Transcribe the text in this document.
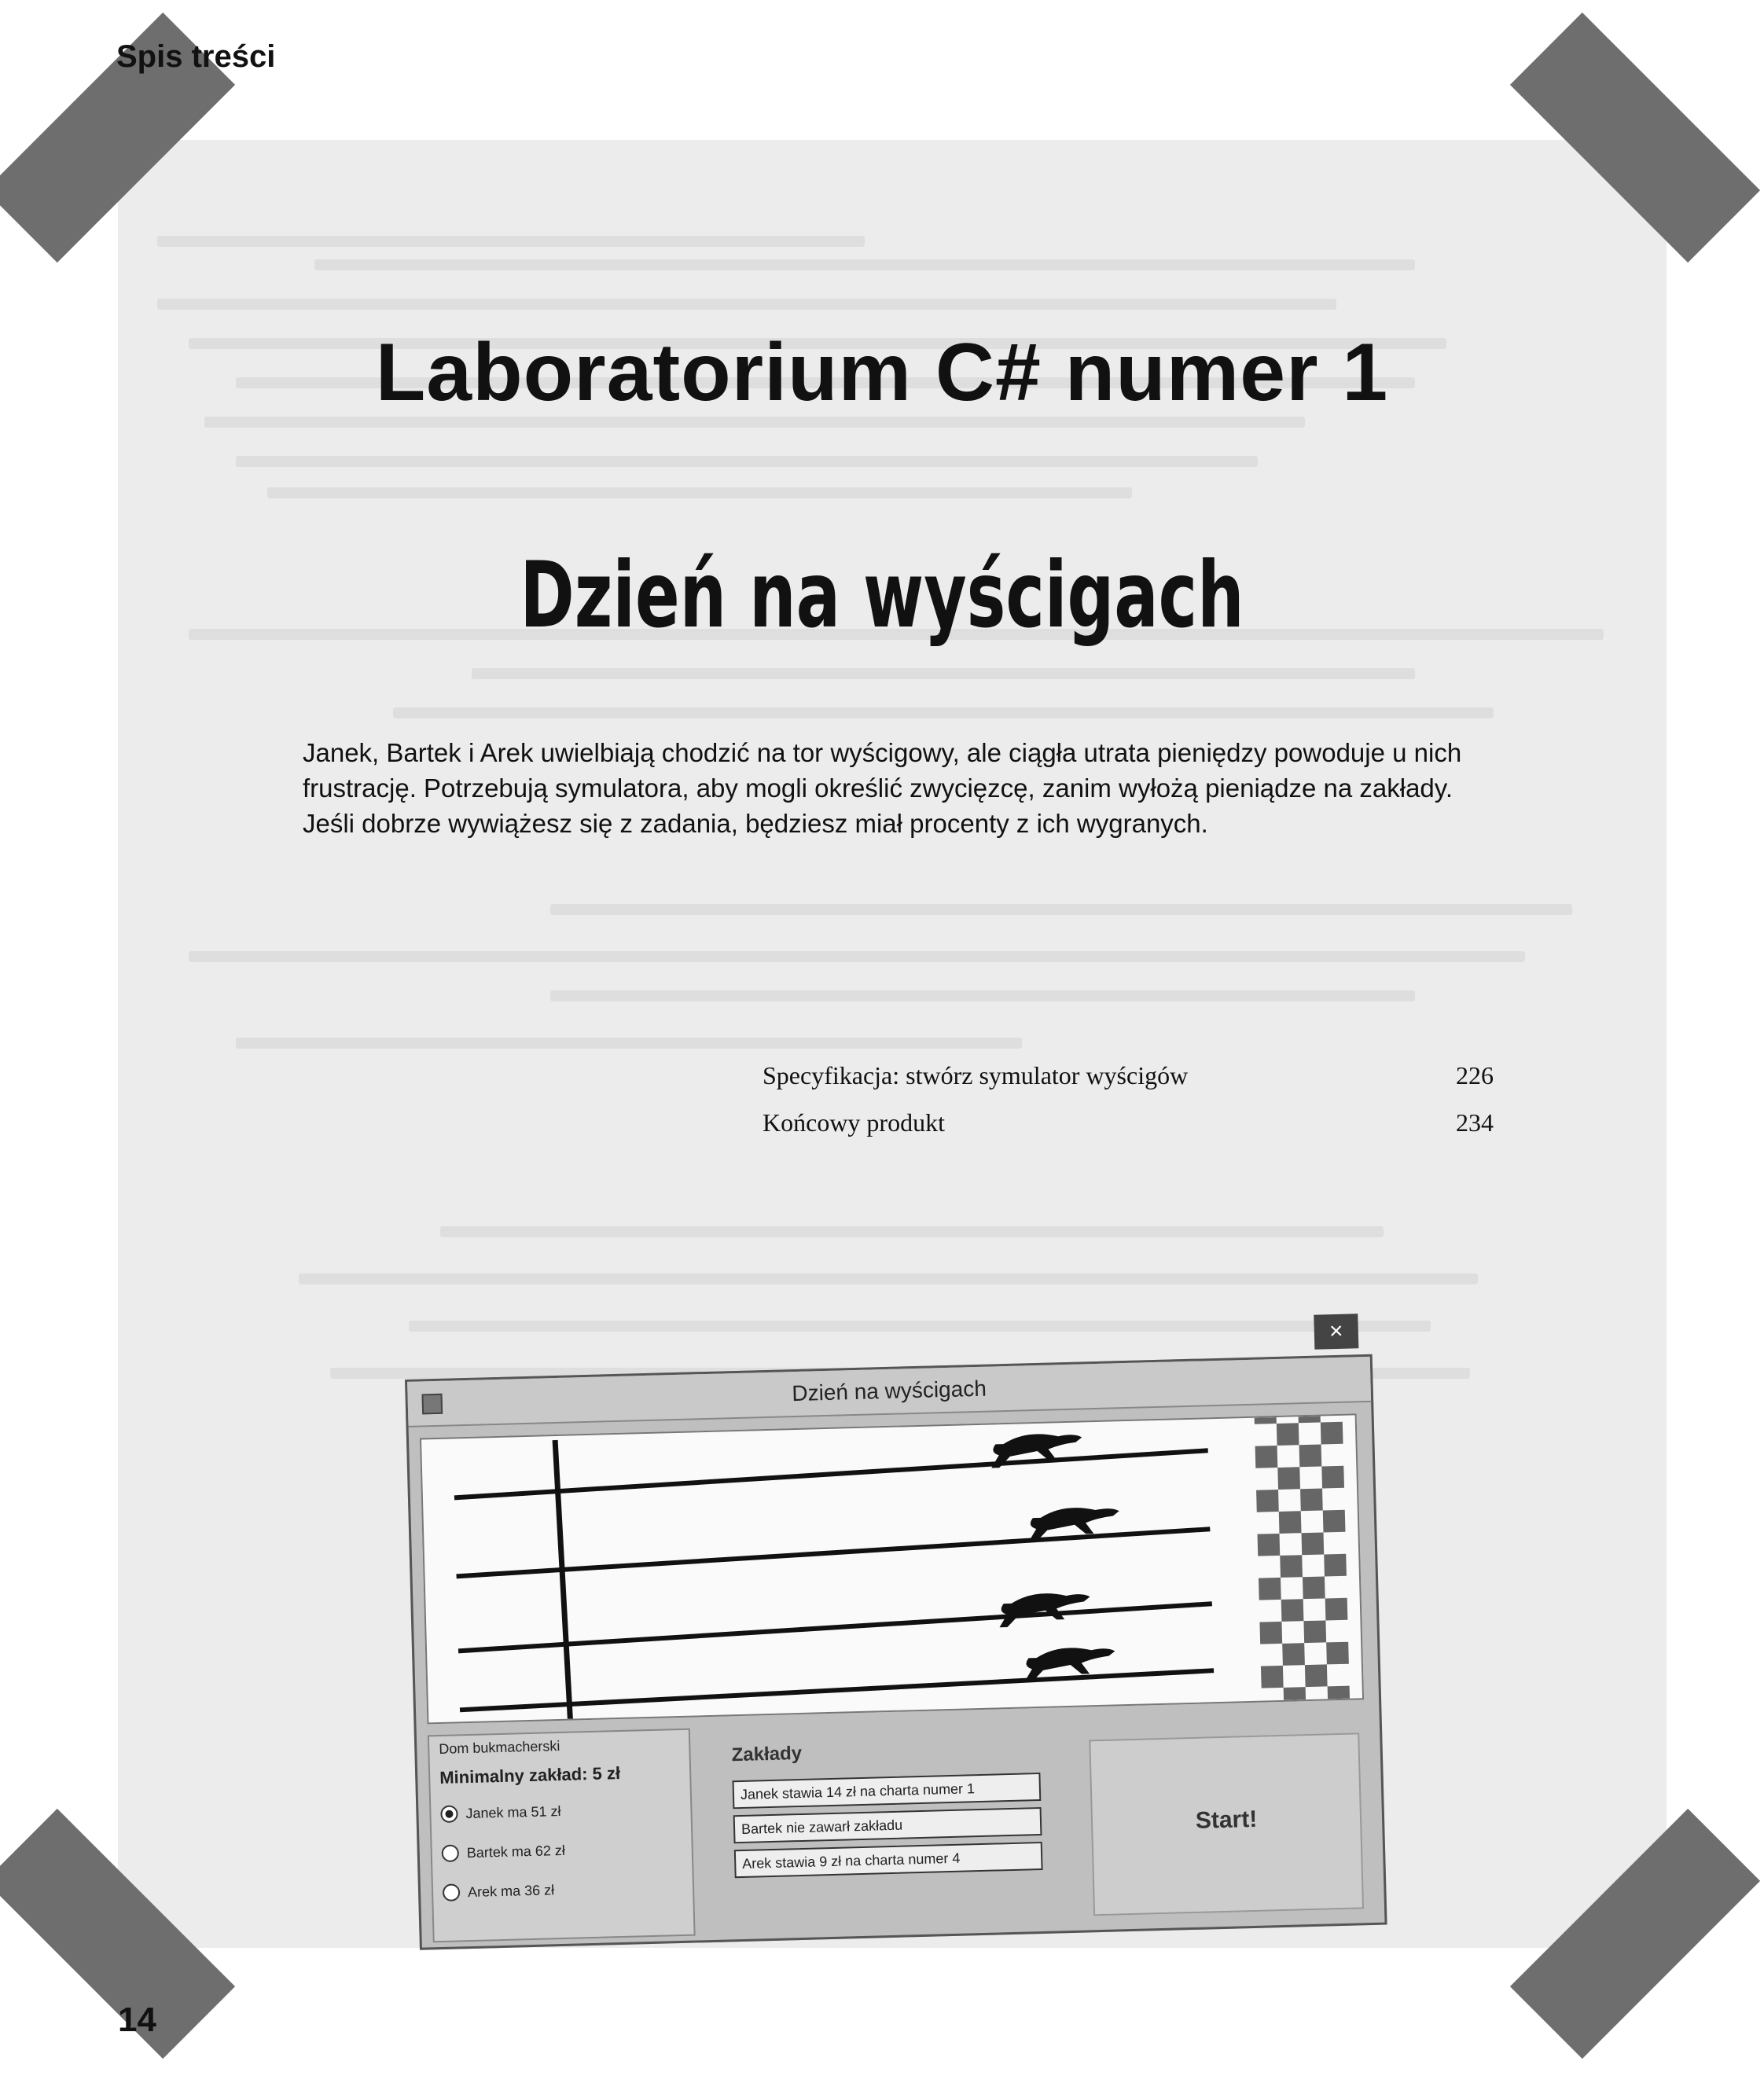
Spis treści
Laboratorium C# numer 1
Dzień na wyścigach
Janek, Bartek i Arek uwielbiają chodzić na tor wyścigowy, ale ciągła utrata pieniędzy powoduje u nich frustrację. Potrzebują symulatora, aby mogli określić zwycięzcę, zanim wyłożą pieniądze na zakłady. Jeśli dobrze wywiążesz się z zadania, będziesz miał procenty z ich wygranych.
Specyfikacja: stwórz symulator wyścigów	226
Końcowy produkt	234
Dzień na wyścigach
×
Dom bukmacherski
Minimalny zakład: 5 zł
Janek ma 51 zł
Bartek ma 62 zł
Arek ma 36 zł
Zakłady
Janek stawia 14 zł na charta numer 1
Bartek nie zawarł zakładu
Arek stawia 9 zł na charta numer 4
Start!
14
